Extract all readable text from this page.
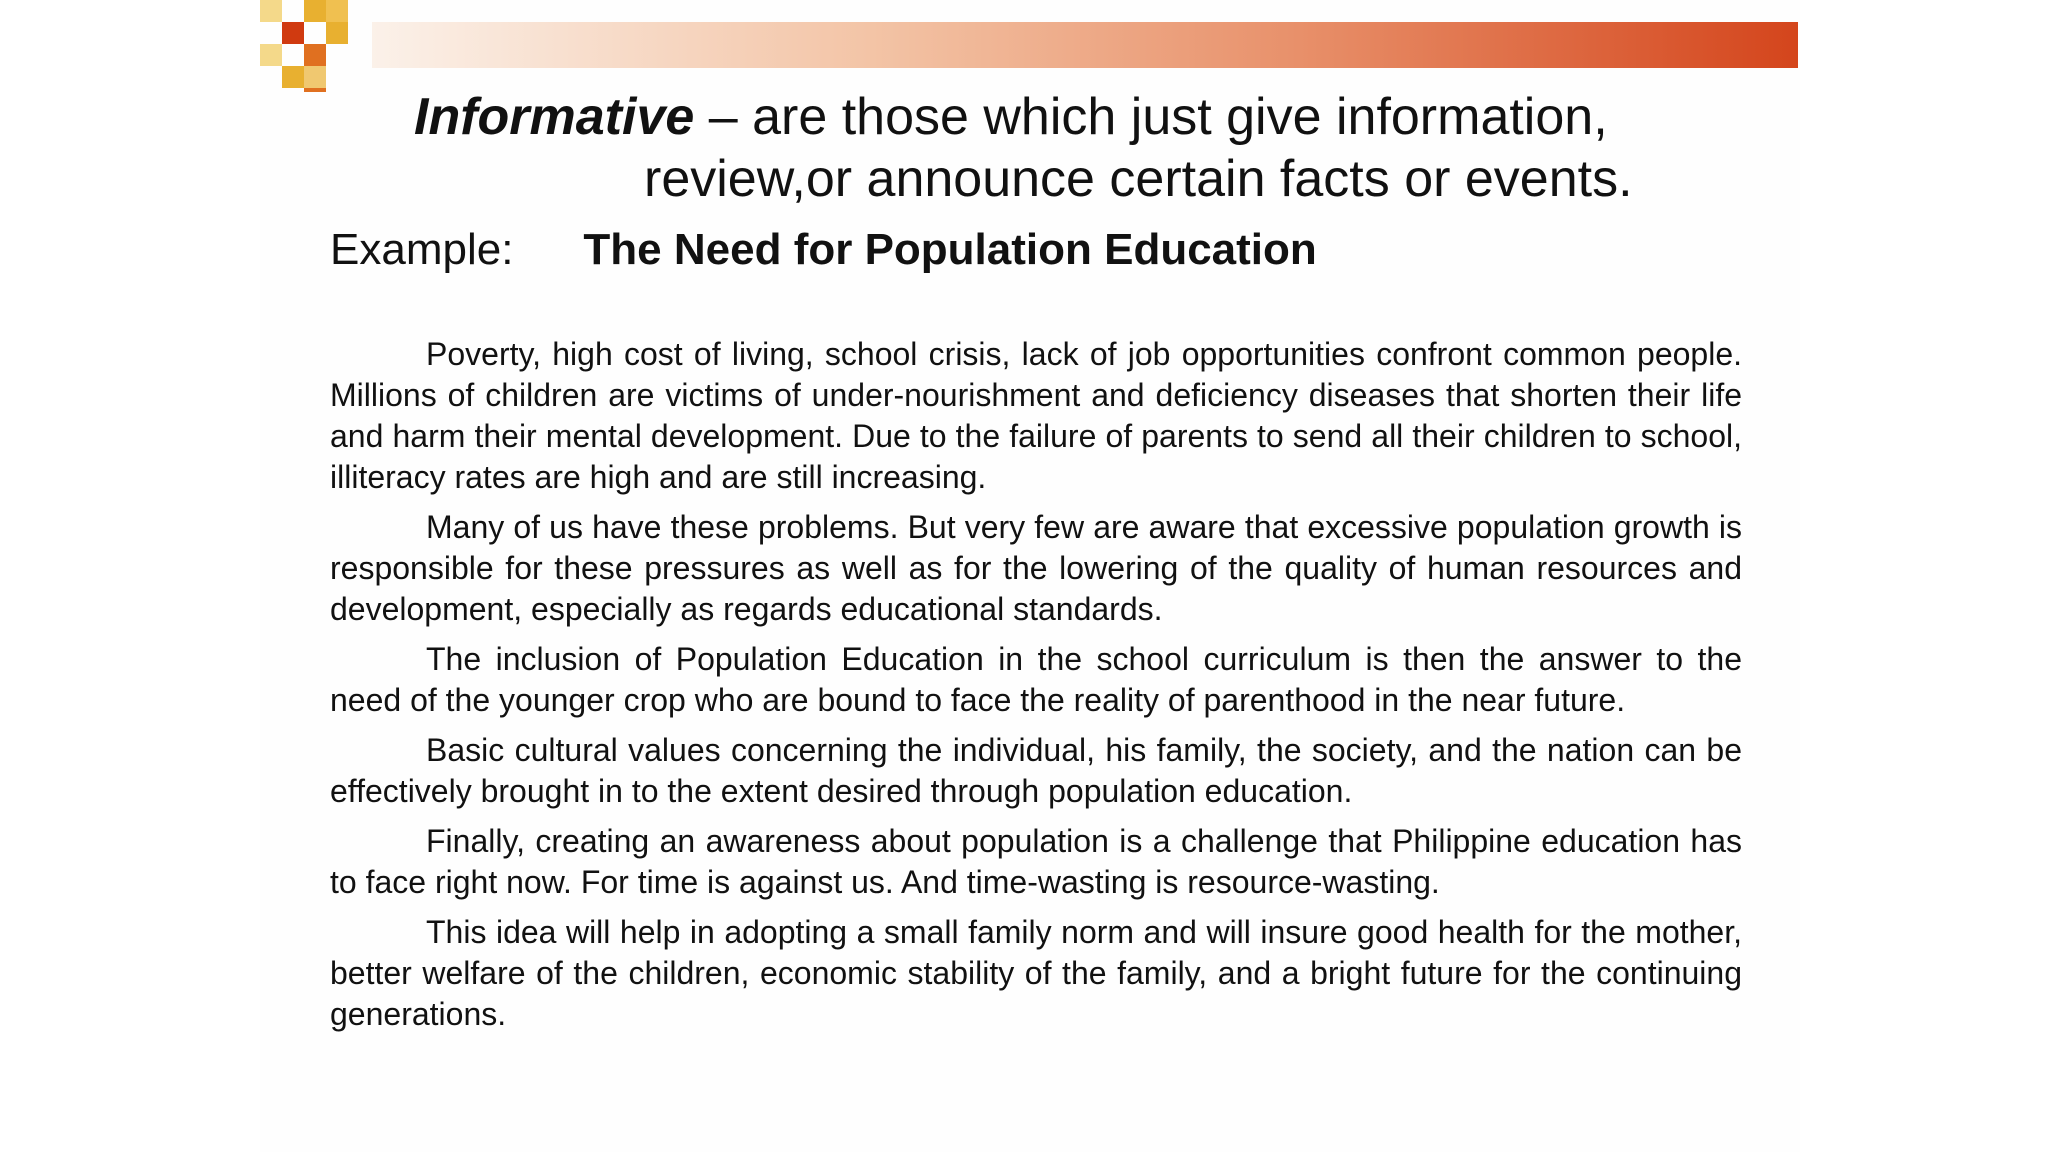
Informative – are those which just give information,
review,or announce certain facts or events.
Example: The Need for Population Education

Poverty, high cost of living, school crisis, lack of job opportunities confront common people. Millions of children are victims of under-nourishment and deficiency diseases that shorten their life and harm their mental development. Due to the failure of parents to send all their children to school, illiteracy rates are high and are still increasing.

Many of us have these problems. But very few are aware that excessive population growth is responsible for these pressures as well as for the lowering of the quality of human resources and development, especially as regards educational standards.

The inclusion of Population Education in the school curriculum is then the answer to the need of the younger crop who are bound to face the reality of parenthood in the near future.

Basic cultural values concerning the individual, his family, the society, and the nation can be effectively brought in to the extent desired through population education.

Finally, creating an awareness about population is a challenge that Philippine education has to face right now. For time is against us. And time-wasting is resource-wasting.

This idea will help in adopting a small family norm and will insure good health for the mother, better welfare of the children, economic stability of the family, and a bright future for the continuing generations.
